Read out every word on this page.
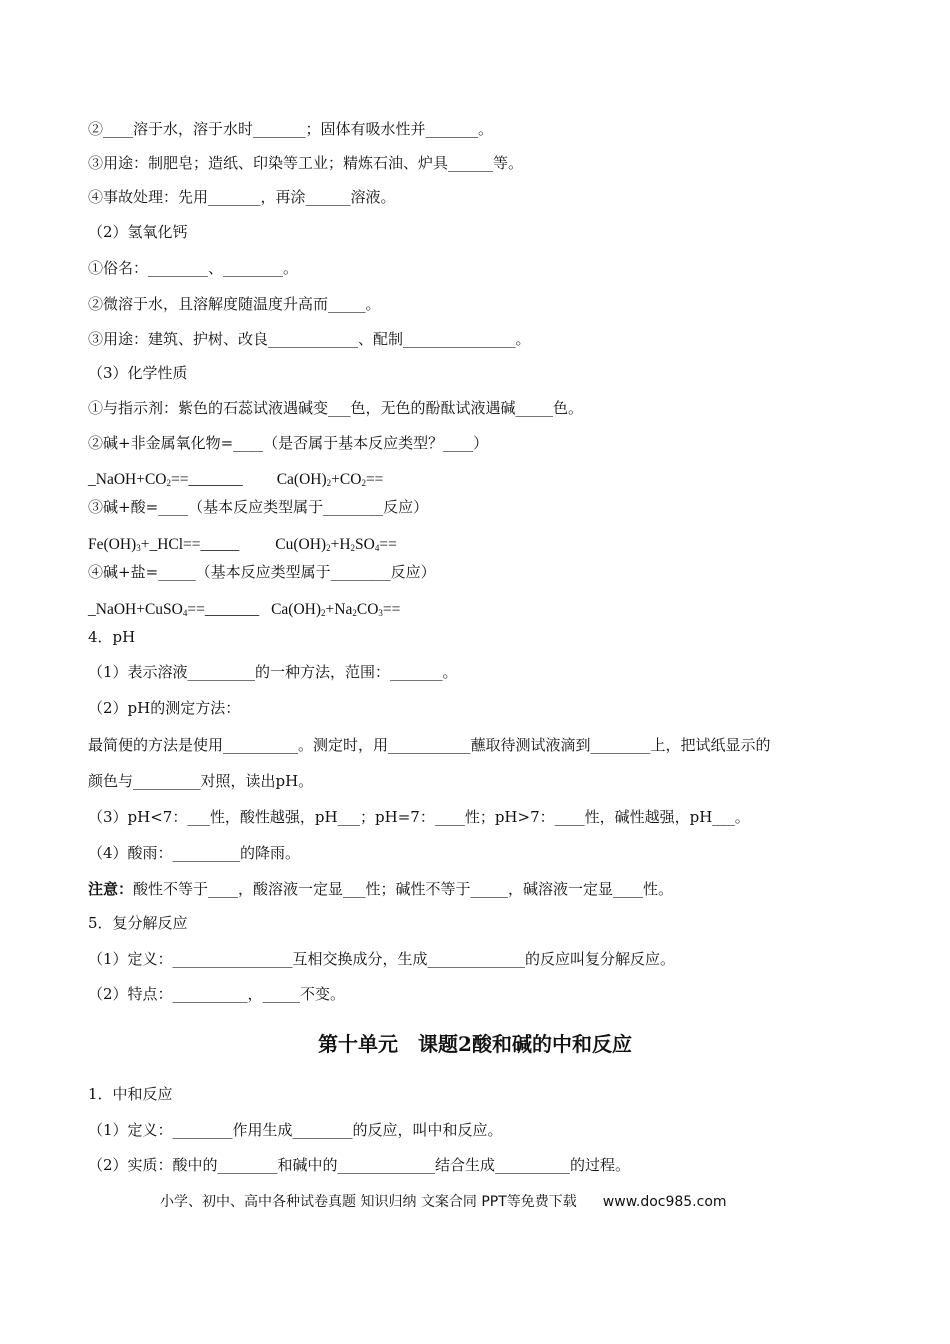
②____溶于水，溶于水时_______；固体有吸水性并_______。
③用途：制肥皂；造纸、印染等工业；精炼石油、炉具______等。
④事故处理：先用_______，再涂______溶液。
（2）氢氧化钙
①俗名：________、________。
②微溶于水，且溶解度随温度升高而_____。
③用途：建筑、护树、改良____________、配制_______________。
（3）化学性质
①与指示剂：紫色的石蕊试液遇碱变___色，无色的酚酞试液遇碱_____色。
②碱+非金属氧化物=____（是否属于基本反应类型？____）
$\_NaOH+CO_2==\_\_\_\_\_\_\_$ $Ca(OH)_2+CO_2==$
③碱+酸=____（基本反应类型属于________反应）
$Fe(OH)_3+\_HCl==\_\_\_\_\_$ $Cu(OH)_2+H_2SO_4==$
④碱+盐=_____（基本反应类型属于________反应）
_NaOH+CuSO$_4$==_______ $Ca(OH)_2+Na_2CO_3==$
4．pH
（1）表示溶液_________的一种方法，范围：_______。
（2）pH的测定方法：
最简便的方法是使用__________。测定时，用___________蘸取待测试液滴到________上，把试纸显示的
颜色与_________对照，读出pH。
（3）pH<7：___性，酸性越强，pH___；pH=7：____性；pH>7：____性，碱性越强，pH___。
（4）酸雨：_________的降雨。
注意：酸性不等于____，酸溶液一定显___性；碱性不等于_____，碱溶液一定显____性。
5．复分解反应
（1）定义：________________互相交换成分，生成_____________的反应叫复分解反应。
（2）特点：__________，_____不变。
第十单元　课题2酸和碱的中和反应
1．中和反应
（1）定义：________作用生成________的反应，叫中和反应。
（2）实质：酸中的________和碱中的_____________结合生成__________的过程。
小学、初中、高中各种试卷真题 知识归纳 文案合同 PPT等免费下载 www.doc985.com
